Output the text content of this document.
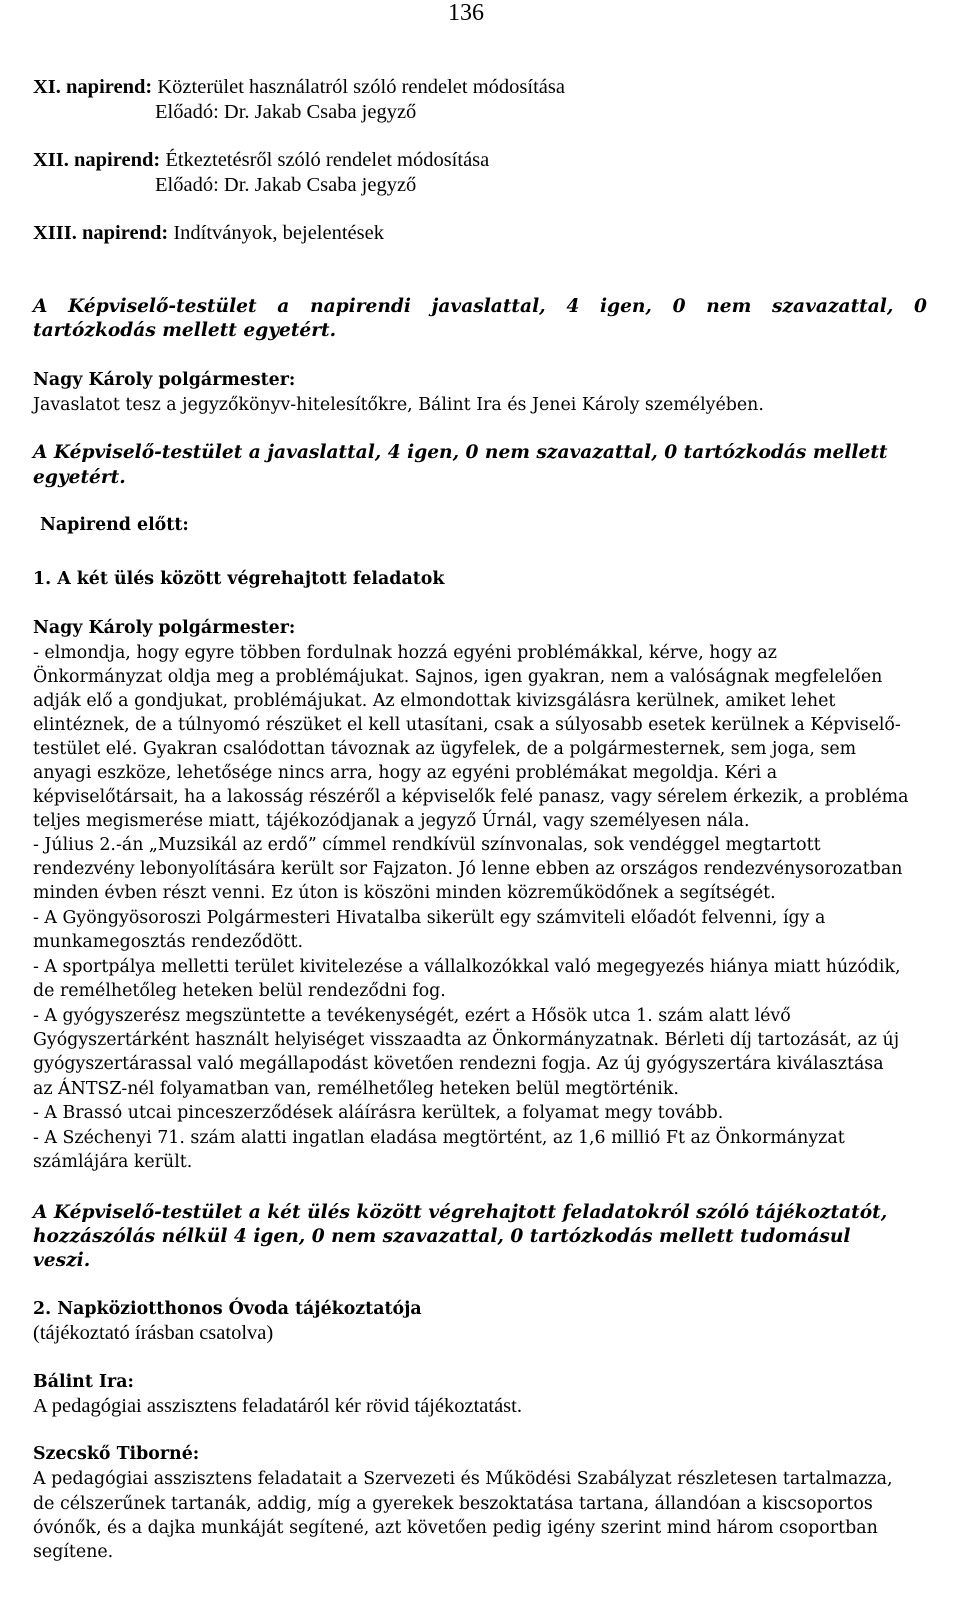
136
XI. napirend: Közterület használatról szóló rendelet módosítása
Előadó: Dr. Jakab Csaba jegyző
XII. napirend: Étkeztetésről szóló rendelet módosítása
Előadó: Dr. Jakab Csaba jegyző
XIII. napirend: Indítványok, bejelentések
A Képviselő-testület a napirendi javaslattal, 4 igen, 0 nem szavazattal, 0
tartózkodás mellett egyetért.
Nagy Károly polgármester:
Javaslatot tesz a jegyzőkönyv-hitelesítőkre, Bálint Ira és Jenei Károly személyében.
A Képviselő-testület a javaslattal, 4 igen, 0 nem szavazattal, 0 tartózkodás mellett
egyetért.
Napirend előtt:
1. A két ülés között végrehajtott feladatok
Nagy Károly polgármester:
- elmondja, hogy egyre többen fordulnak hozzá egyéni problémákkal, kérve, hogy az
Önkormányzat oldja meg a problémájukat. Sajnos, igen gyakran, nem a valóságnak megfelelően
adják elő a gondjukat, problémájukat. Az elmondottak kivizsgálásra kerülnek, amiket lehet
elintéznek, de a túlnyomó részüket el kell utasítani, csak a súlyosabb esetek kerülnek a Képviselő-
testület elé. Gyakran csalódottan távoznak az ügyfelek, de a polgármesternek, sem joga, sem
anyagi eszköze, lehetősége nincs arra, hogy az egyéni problémákat megoldja. Kéri a
képviselőtársait, ha a lakosság részéről a képviselők felé panasz, vagy sérelem érkezik, a probléma
teljes megismerése miatt, tájékozódjanak a jegyző Úrnál, vagy személyesen nála.
- Július 2.-án „Muzsikál az erdő” címmel rendkívül színvonalas, sok vendéggel megtartott
rendezvény lebonyolítására került sor Fajzaton. Jó lenne ebben az országos rendezvénysorozatban
minden évben részt venni. Ez úton is köszöni minden közreműködőnek a segítségét.
- A Gyöngyösoroszi Polgármesteri Hivatalba sikerült egy számviteli előadót felvenni, így a
munkamegosztás rendeződött.
- A sportpálya melletti terület kivitelezése a vállalkozókkal való megegyezés hiánya miatt húzódik,
de remélhetőleg heteken belül rendeződni fog.
- A gyógyszerész megszüntette a tevékenységét, ezért a Hősök utca 1. szám alatt lévő
Gyógyszertárként használt helyiséget visszaadta az Önkormányzatnak. Bérleti díj tartozását, az új
gyógyszertárassal való megállapodást követően rendezni fogja. Az új gyógyszertára kiválasztása
az ÁNTSZ-nél folyamatban van, remélhetőleg heteken belül megtörténik.
- A Brassó utcai pinceszerződések aláírásra kerültek, a folyamat megy tovább.
- A Széchenyi 71. szám alatti ingatlan eladása megtörtént, az 1,6 millió Ft az Önkormányzat
számlájára került.
A Képviselő-testület a két ülés között végrehajtott feladatokról szóló tájékoztatót,
hozzászólás nélkül 4 igen, 0 nem szavazattal, 0 tartózkodás mellett tudomásul
veszi.
2. Napköziotthonos Óvoda tájékoztatója
(tájékoztató írásban csatolva)
Bálint Ira:
A pedagógiai asszisztens feladatáról kér rövid tájékoztatást.
Szecskő Tiborné:
A pedagógiai asszisztens feladatait a Szervezeti és Működési Szabályzat részletesen tartalmazza,
de célszerűnek tartanák, addig, míg a gyerekek beszoktatása tartana, állandóan a kiscsoportos
óvónők, és a dajka munkáját segítené, azt követően pedig igény szerint mind három csoportban
segítene.
